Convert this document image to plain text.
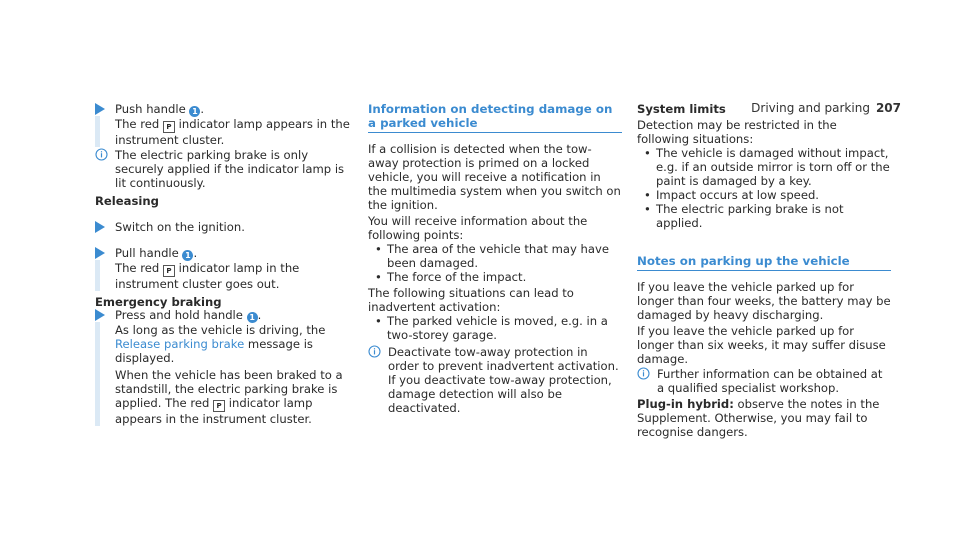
Driving and parking 207

Push handle 1 .

The red P indicator lamp appears in the instrument cluster.

The electric parking brake is only securely applied if the indicator lamp is lit continuously.

Releasing

Switch on the ignition.

Pull handle 1 .

The red P indicator lamp in the instrument cluster goes out.

Emergency braking

Press and hold handle 1 .

As long as the vehicle is driving, the Release parking brake message is displayed.

When the vehicle has been braked to a standstill, the electric parking brake is applied. The red P indicator lamp appears in the instrument cluster.

Information on detecting damage on a parked vehicle

If a collision is detected when the tow-away protection is primed on a locked vehicle, you will receive a notification in the multimedia system when you switch on the ignition.

You will receive information about the following points:

• The area of the vehicle that may have been damaged.
• The force of the impact.

The following situations can lead to inadvertent activation:

• The parked vehicle is moved, e.g. in a two-storey garage.

Deactivate tow-away protection in order to prevent inadvertent activation. If you deactivate tow-away protection, damage detection will also be deactivated.

System limits

Detection may be restricted in the following situations:

• The vehicle is damaged without impact, e.g. if an outside mirror is torn off or the paint is damaged by a key.
• Impact occurs at low speed.
• The electric parking brake is not applied.
Notes on parking up the vehicle

If you leave the vehicle parked up for longer than four weeks, the battery may be damaged by heavy discharging.

If you leave the vehicle parked up for longer than six weeks, it may suffer disuse damage.

Further information can be obtained at a qualified specialist workshop.

Plug-in hybrid: observe the notes in the Supplement. Otherwise, you may fail to recognise dangers.
